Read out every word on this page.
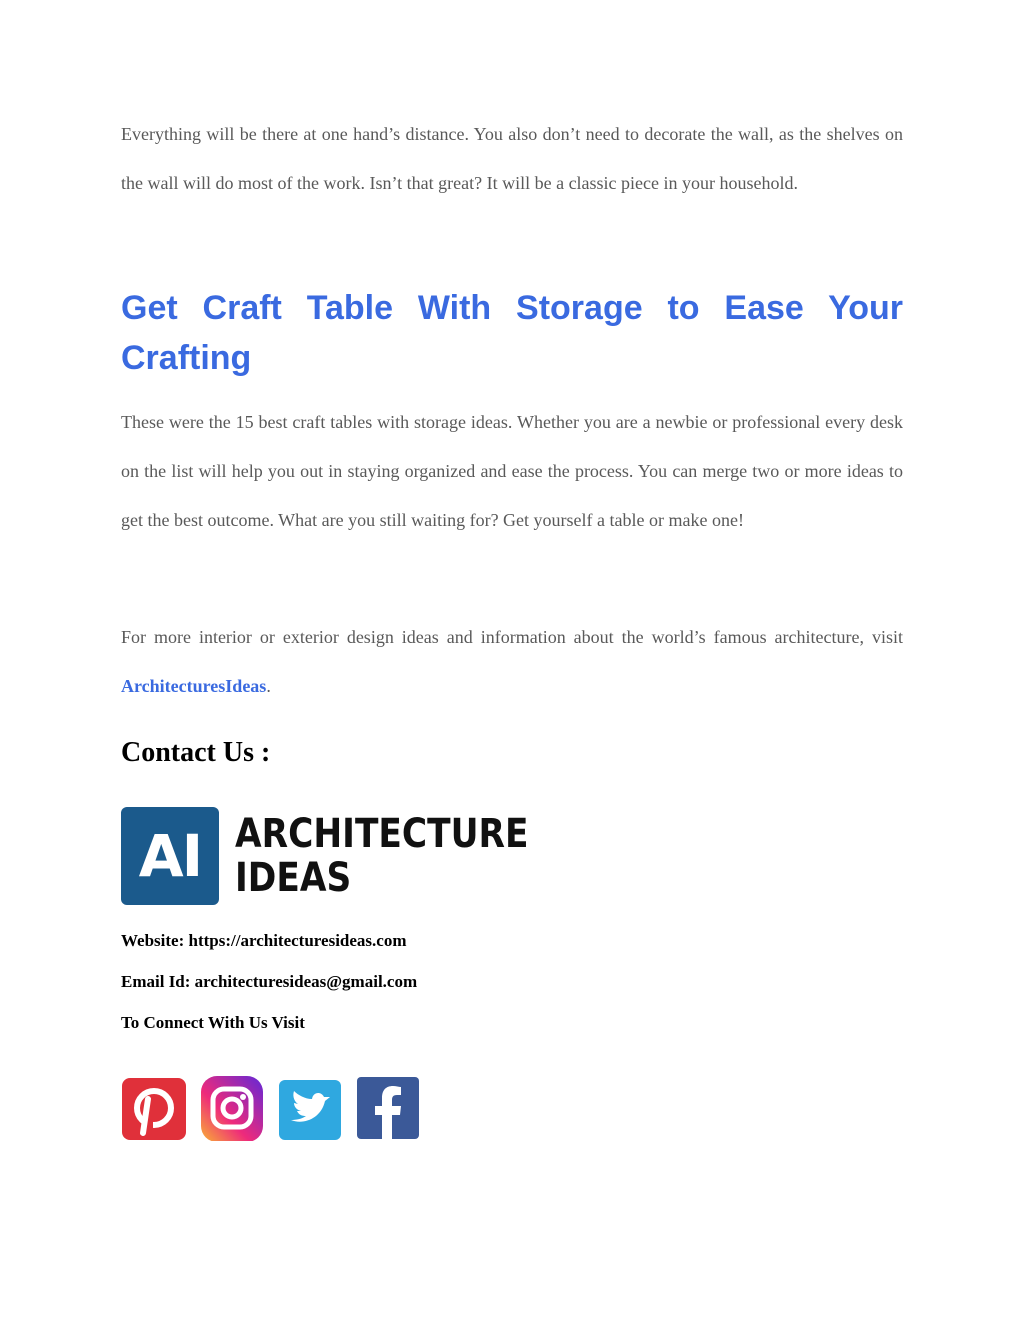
Everything will be there at one hand’s distance. You also don’t need to decorate the wall, as the shelves on the wall will do most of the work. Isn’t that great? It will be a classic piece in your household.

Get Craft Table With Storage to Ease Your Crafting

These were the 15 best craft tables with storage ideas. Whether you are a newbie or professional every desk on the list will help you out in staying organized and ease the process. You can merge two or more ideas to get the best outcome. What are you still waiting for? Get yourself a table or make one!

For more interior or exterior design ideas and information about the world’s famous architecture, visit ArchitecturesIdeas.

Contact Us :
AI ARCHITECTURE
IDEAS

Website: https://architecturesideas.com

Email Id: architecturesideas@gmail.com

To Connect With Us Visit
